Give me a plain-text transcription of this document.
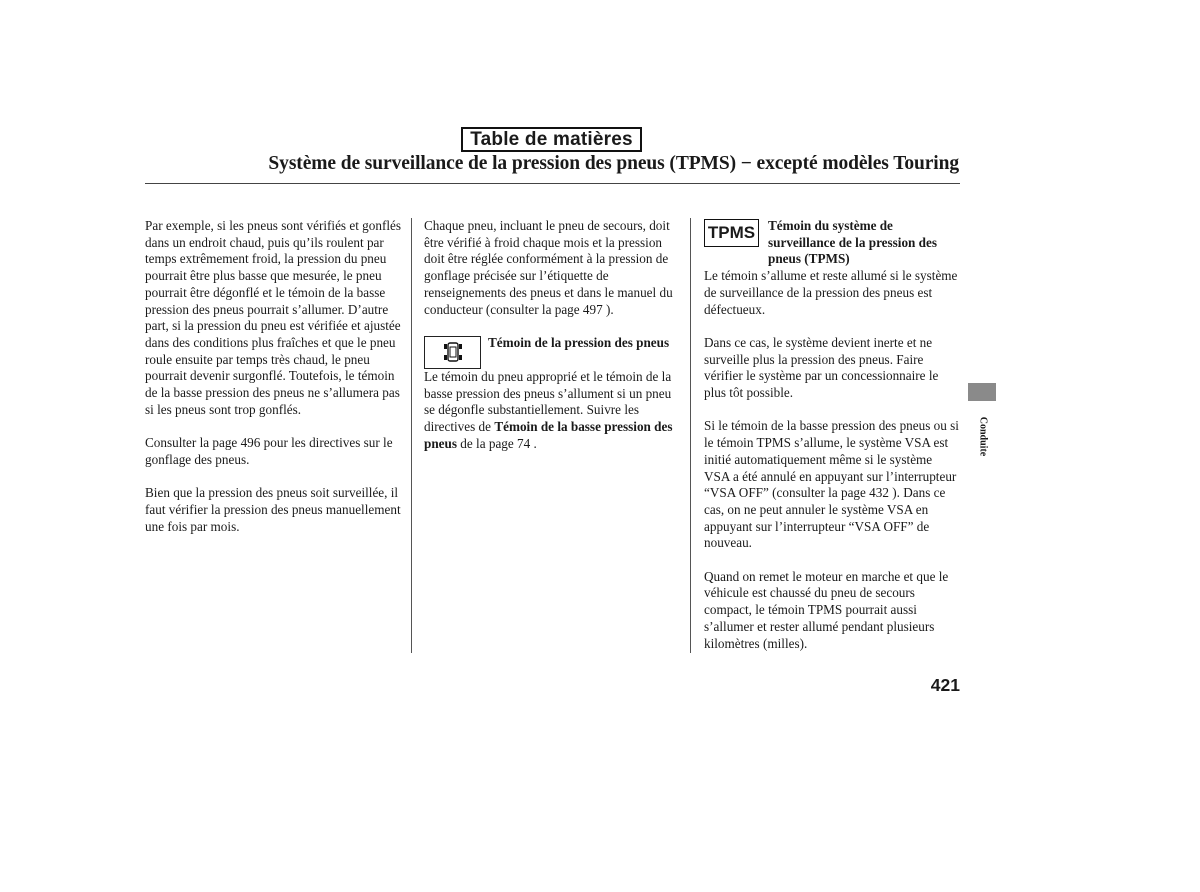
Table de matières
Système de surveillance de la pression des pneus (TPMS) − excepté modèles Touring

Par exemple, si les pneus sont vérifiés et gonflés dans un endroit chaud, puis qu’ils roulent par temps extrêmement froid, la pression du pneu pourrait être plus basse que mesurée, le pneu pourrait être dégonflé et le témoin de la basse pression des pneus pourrait s’allumer. D’autre part, si la pression du pneu est vérifiée et ajustée dans des conditions plus fraîches et que le pneu roule ensuite par temps très chaud, le pneu pourrait devenir surgonflé. Toutefois, le témoin de la basse pression des pneus ne s’allumera pas si les pneus sont trop gonflés.

Consulter la page 496 pour les directives sur le gonflage des pneus.

Bien que la pression des pneus soit surveillée, il faut vérifier la pression des pneus manuellement une fois par mois.

Chaque pneu, incluant le pneu de secours, doit être vérifié à froid chaque mois et la pression doit être réglée conformément à la pression de gonflage précisée sur l’étiquette de renseignements des pneus et dans le manuel du conducteur (consulter la page 497 ).

Témoin de la pression des pneus

Le témoin du pneu approprié et le témoin de la basse pression des pneus s’allument si un pneu se dégonfle substantiellement. Suivre les directives de Témoin de la basse pression des pneus de la page 74 .

TPMS Témoin du système de surveillance de la pression des pneus (TPMS)

Le témoin s’allume et reste allumé si le système de surveillance de la pression des pneus est défectueux.

Dans ce cas, le système devient inerte et ne surveille plus la pression des pneus. Faire vérifier le système par un concessionnaire le plus tôt possible.

Si le témoin de la basse pression des pneus ou si le témoin TPMS s’allume, le système VSA est initié automatiquement même si le système VSA a été annulé en appuyant sur l’interrupteur “VSA OFF” (consulter la page 432 ). Dans ce cas, on ne peut annuler le système VSA en appuyant sur l’interrupteur “VSA OFF” de nouveau.

Quand on remet le moteur en marche et que le véhicule est chaussé du pneu de secours compact, le témoin TPMS pourrait aussi s’allumer et rester allumé pendant plusieurs kilomètres (milles).

Conduite
421
